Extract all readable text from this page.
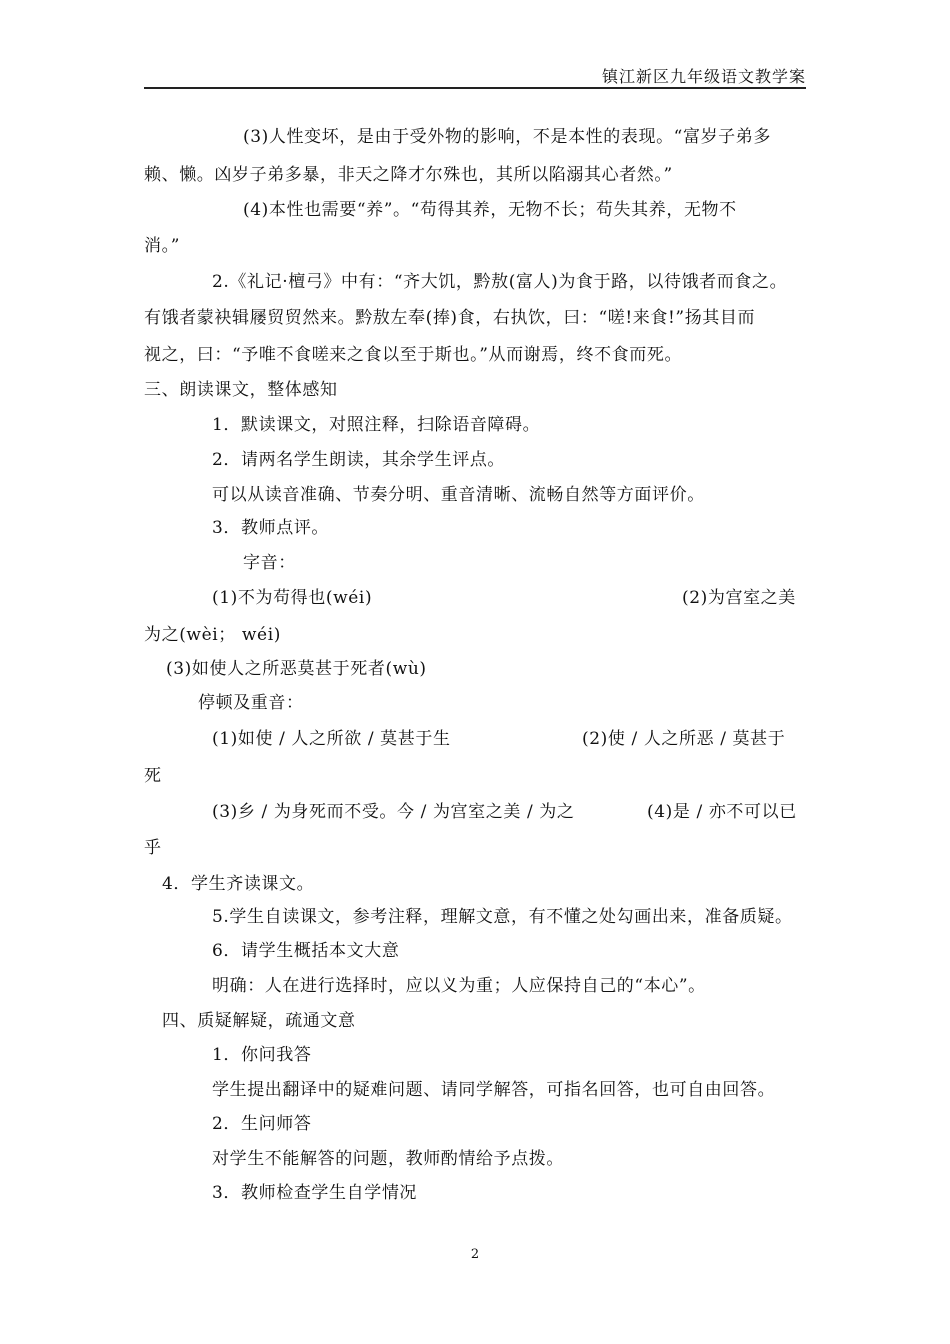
镇江新区九年级语文教学案
(3)人性变坏，是由于受外物的影响，不是本性的表现。“富岁子弟多
赖、懒。凶岁子弟多暴，非天之降才尔殊也，其所以陷溺其心者然。”
(4)本性也需要“养”。“苟得其养，无物不长；苟失其养，无物不
消。”
2.《礼记·檀弓》中有：“齐大饥，黔敖(富人)为食于路，以待饿者而食之。
有饿者蒙袂辑屦贸贸然来。黔敖左奉(捧)食，右执饮，曰：“嗟!来食!”扬其目而
视之，曰：“予唯不食嗟来之食以至于斯也。”从而谢焉，终不食而死。
三、朗读课文，整体感知
1．默读课文，对照注释，扫除语音障碍。
2．请两名学生朗读，其余学生评点。
可以从读音准确、节奏分明、重音清晰、流畅自然等方面评价。
3．教师点评。
字音：
(1)不为苟得也(wéi)	(2)为宫室之美
为之(wèi； wéi)
(3)如使人之所恶莫甚于死者(wù)
停顿及重音：
(1)如使 / 人之所欲 / 莫甚于生	(2)使 / 人之所恶 / 莫甚于
死
(3)乡 / 为身死而不受。今 / 为宫室之美 / 为之	(4)是 / 亦不可以已
乎
4．学生齐读课文。
5.学生自读课文，参考注释，理解文意，有不懂之处勾画出来，准备质疑。
6．请学生概括本文大意
明确：人在进行选择时，应以义为重；人应保持自己的“本心”。
四、质疑解疑，疏通文意
1．你问我答
学生提出翻译中的疑难问题、请同学解答，可指名回答，也可自由回答。
2．生问师答
对学生不能解答的问题，教师酌情给予点拨。
3．教师检查学生自学情况
2
